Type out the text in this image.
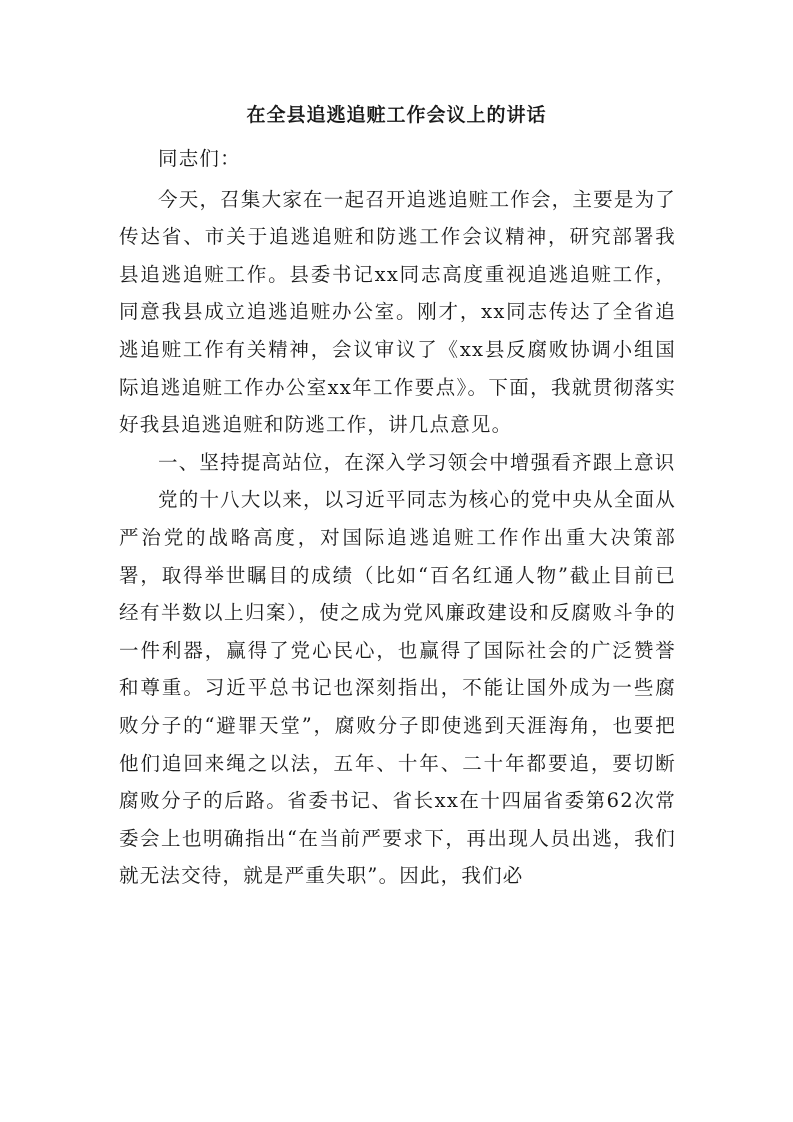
在全县追逃追赃工作会议上的讲话

同志们：

今天，召集大家在一起召开追逃追赃工作会，主要是为了传达省、市关于追逃追赃和防逃工作会议精神，研究部署我县追逃追赃工作。县委书记xx同志高度重视追逃追赃工作，同意我县成立追逃追赃办公室。刚才，xx同志传达了全省追逃追赃工作有关精神，会议审议了《xx县反腐败协调小组国际追逃追赃工作办公室xx年工作要点》。下面，我就贯彻落实好我县追逃追赃和防逃工作，讲几点意见。

一、坚持提高站位，在深入学习领会中增强看齐跟上意识

党的十八大以来，以习近平同志为核心的党中央从全面从严治党的战略高度，对国际追逃追赃工作作出重大决策部署，取得举世瞩目的成绩（比如“百名红通人物”截止目前已经有半数以上归案），使之成为党风廉政建设和反腐败斗争的一件利器，赢得了党心民心，也赢得了国际社会的广泛赞誉和尊重。习近平总书记也深刻指出，不能让国外成为一些腐败分子的“避罪天堂”，腐败分子即使逃到天涯海角，也要把他们追回来绳之以法，五年、十年、二十年都要追，要切断腐败分子的后路。省委书记、省长xx在十四届省委第62次常委会上也明确指出“在当前严要求下，再出现人员出逃，我们就无法交待，就是严重失职”。因此，我们必
